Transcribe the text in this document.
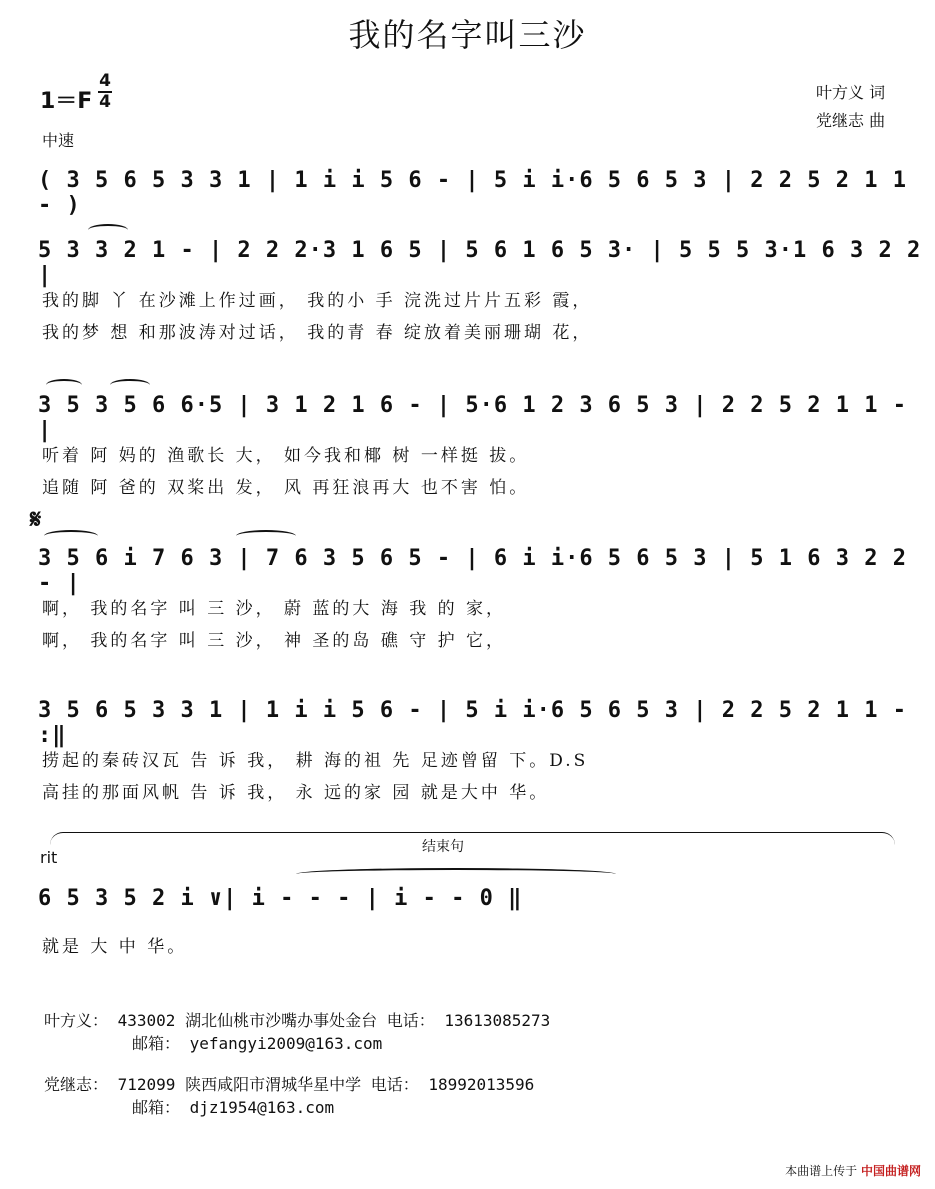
我的名字叫三沙
叶方义 词
党继志 曲
1＝F
4
4
中速
( 3 5 6 5 3 3 1 | 1 i i 5 6 - | 5 i i·6 5 6 5 3 | 2 2 5 2 1 1 - )
5 3 3 2 1 - | 2 2 2·3 1 6 5 | 5 6 1 6 5 3· | 5 5 5 3·1 6 3 2 2 |
我的脚 丫 在沙滩上作过画， 我的小 手 浣洗过片片五彩 霞，
我的梦 想 和那波涛对过话， 我的青 春 绽放着美丽珊瑚 花，
3 5 3 5 6 6·5 | 3 1 2 1 6 - | 5·6 1 2 3 6 5 3 | 2 2 5 2 1 1 - |
听着 阿 妈的 渔歌长 大， 如今我和椰 树 一样挺 拔。
追随 阿 爸的 双桨出 发， 风 再狂浪再大 也不害 怕。
𝄋
3 5 6 i 7 6 3 | 7 6 3 5 6 5 - | 6 i i·6 5 6 5 3 | 5 1 6 3 2 2 - |
啊， 我的名字 叫 三 沙， 蔚 蓝的大 海 我 的 家，
啊， 我的名字 叫 三 沙， 神 圣的岛 礁 守 护 它，
3 5 6 5 3 3 1 | 1 i i 5 6 - | 5 i i·6 5 6 5 3 | 2 2 5 2 1 1 - :‖
捞起的秦砖汉瓦 告 诉 我， 耕 海的祖 先 足迹曾留 下。D.S
高挂的那面风帆 告 诉 我， 永 远的家 园 就是大中 华。
结束句
rit
6 5 3 5 2 i ∨| i - - - | i - - 0 ‖
就是 大 中 华。
叶方义： 433002 湖北仙桃市沙嘴办事处金台 电话： 13613085273
邮箱： yefangyi2009@163.com
党继志： 712099 陕西咸阳市渭城华星中学 电话： 18992013596
邮箱： djz1954@163.com
本曲谱上传于 中国曲谱网
